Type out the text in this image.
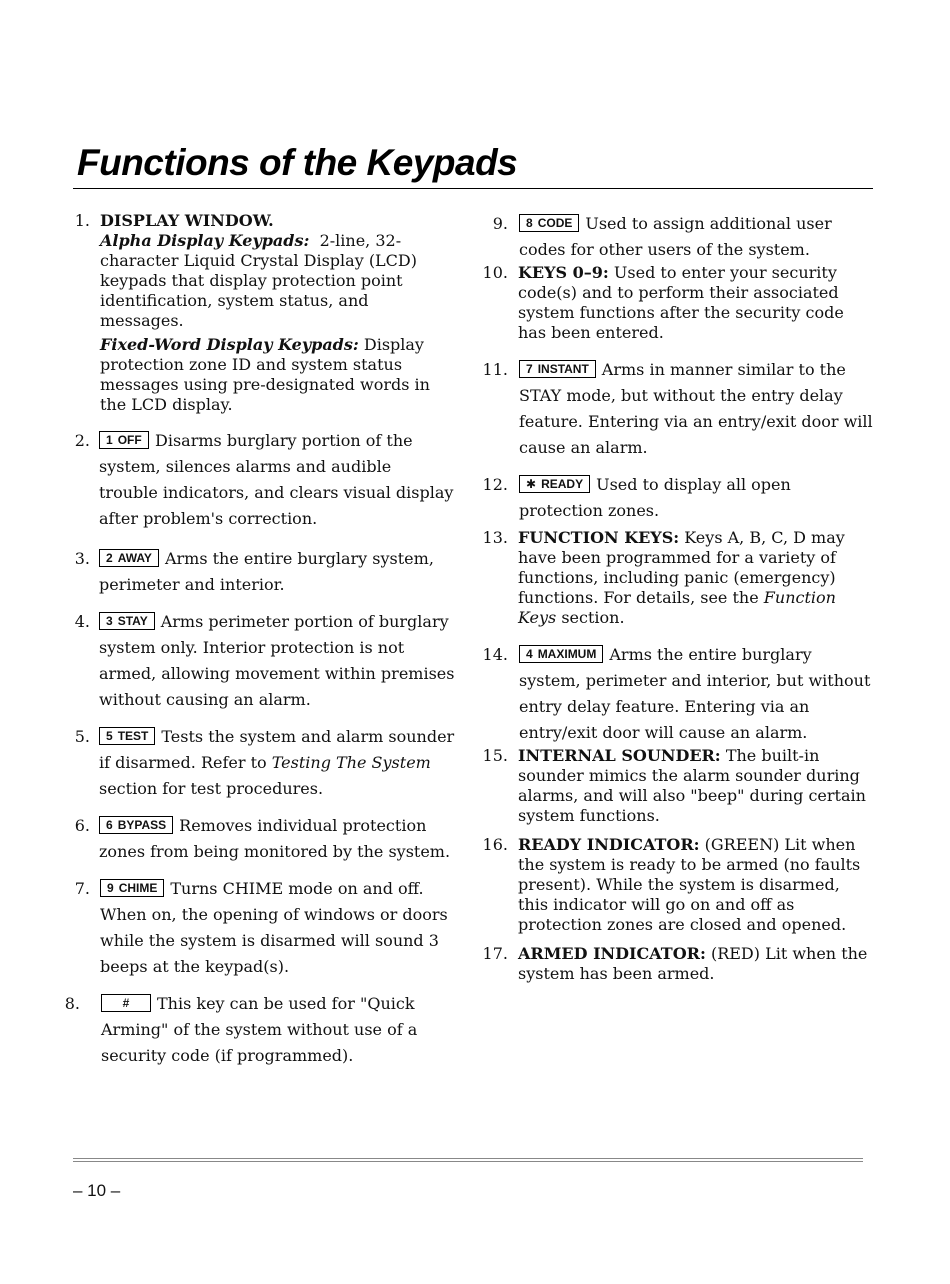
Functions of the Keypads
1. DISPLAY WINDOW.
Alpha Display Keypads: 2-line, 32-character Liquid Crystal Display (LCD) keypads that display protection point identification, system status, and messages.
Fixed-Word Display Keypads: Display protection zone ID and system status messages using pre-designated words in the LCD display.
2.	1 OFF Disarms burglary portion of the system, silences alarms and audible trouble indicators, and clears visual display after problem's correction.
3.	2 AWAY Arms the entire burglary system, perimeter and interior.
4.	3 STAY Arms perimeter portion of burglary system only. Interior protection is not armed, allowing movement within premises without causing an alarm.
5.	5 TEST Tests the system and alarm sounder if disarmed. Refer to Testing The System section for test procedures.
6.	6 BYPASS Removes individual protection zones from being monitored by the system.
7.	9 CHIME Turns CHIME mode on and off. When on, the opening of windows or doors while the system is disarmed will sound 3 beeps at the keypad(s).
8.	# This key can be used for "Quick Arming" of the system without use of a security code (if programmed).
9.	8 CODE Used to assign additional user codes for other users of the system.
10. KEYS 0–9: Used to enter your security code(s) and to perform their associated system functions after the security code has been entered.
11.	7 INSTANT Arms in manner similar to the STAY mode, but without the entry delay feature. Entering via an entry/exit door will cause an alarm.
12.	✱ READY Used to display all open protection zones.
13. FUNCTION KEYS: Keys A, B, C, D may have been programmed for a variety of functions, including panic (emergency) functions. For details, see the Function Keys section.
14.	4 MAXIMUM Arms the entire burglary system, perimeter and interior, but without entry delay feature. Entering via an entry/exit door will cause an alarm.
15. INTERNAL SOUNDER: The built-in sounder mimics the alarm sounder during alarms, and will also "beep" during certain system functions.
16. READY INDICATOR: (GREEN) Lit when the system is ready to be armed (no faults present). While the system is disarmed, this indicator will go on and off as protection zones are closed and opened.
17. ARMED INDICATOR: (RED) Lit when the system has been armed.
– 10 –
